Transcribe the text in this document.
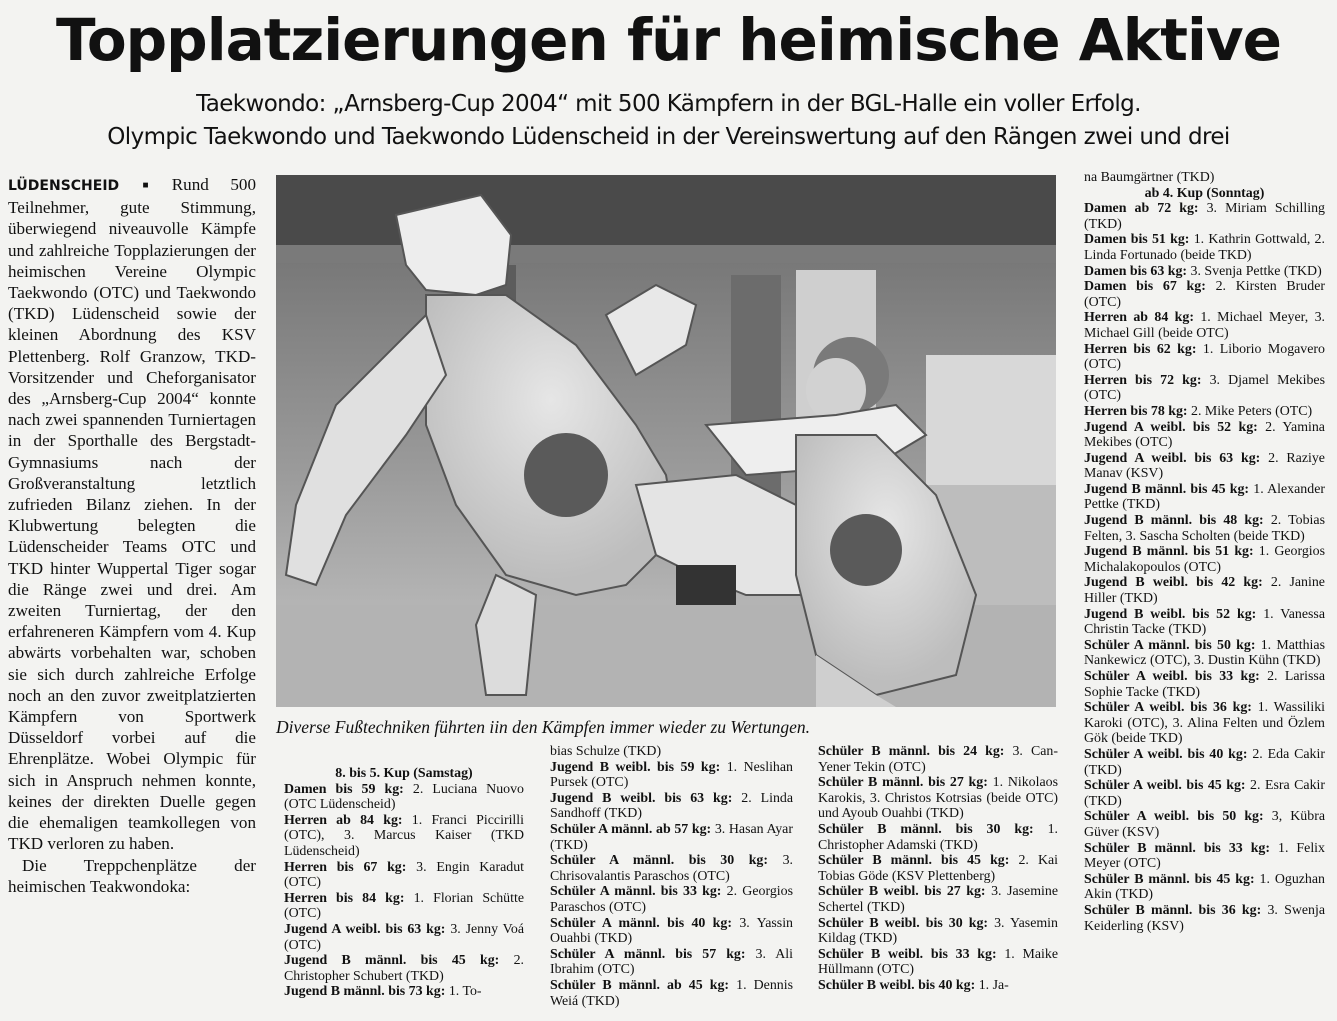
Topplatzierungen für heimische Aktive
Taekwondo: „Arnsberg-Cup 2004“ mit 500 Kämpfern in der BGL-Halle ein voller Erfolg.
Olympic Taekwondo und Taekwondo Lüdenscheid in der Vereinswertung auf den Rängen zwei und drei

LÜDENSCHEID ■ Rund 500 Teilnehmer, gute Stimmung, überwiegend niveauvolle Kämpfe und zahlreiche Topplazierungen der heimischen Vereine Olympic Taekwondo (OTC) und Taekwondo (TKD) Lüdenscheid sowie der kleinen Abordnung des KSV Plettenberg. Rolf Granzow, TKD-Vorsitzender und Cheforganisator des „Arnsberg-Cup 2004“ konnte nach zwei spannenden Turniertagen in der Sporthalle des Bergstadt-Gymnasiums nach der Großveranstaltung letztlich zufrieden Bilanz ziehen. In der Klubwertung belegten die Lüdenscheider Teams OTC und TKD hinter Wuppertal Tiger sogar die Ränge zwei und drei. Am zweiten Turniertag, der den erfahreneren Kämpfern vom 4. Kup abwärts vorbehalten war, schoben sie sich durch zahlreiche Erfolge noch an den zuvor zweitplatzierten Kämpfern von Sportwerk Düsseldorf vorbei auf die Ehrenplätze. Wobei Olympic für sich in Anspruch nehmen konnte, keines der direkten Duelle gegen die ehemaligen teamkollegen von TKD verloren zu haben.

Die Treppchenplätze der heimischen Teakwondoka:

Diverse Fußtechniken führten iin den Kämpfen immer wieder zu Wertungen.

8. bis 5. Kup (Samstag)

Damen bis 59 kg: 2. Luciana Nuovo (OTC Lüdenscheid)

Herren ab 84 kg: 1. Franci Piccirilli (OTC), 3. Marcus Kaiser (TKD Lüdenscheid)

Herren bis 67 kg: 3. Engin Karadut (OTC)

Herren bis 84 kg: 1. Florian Schütte (OTC)

Jugend A weibl. bis 63 kg: 3. Jenny Voá (OTC)

Jugend B männl. bis 45 kg: 2. Christopher Schubert (TKD)

Jugend B männl. bis 73 kg: 1. To-

bias Schulze (TKD)

Jugend B weibl. bis 59 kg: 1. Neslihan Pursek (OTC)

Jugend B weibl. bis 63 kg: 2. Linda Sandhoff (TKD)

Schüler A männl. ab 57 kg: 3. Hasan Ayar (TKD)

Schüler A männl. bis 30 kg: 3. Chrisovalantis Paraschos (OTC)

Schüler A männl. bis 33 kg: 2. Georgios Paraschos (OTC)

Schüler A männl. bis 40 kg: 3. Yassin Ouahbi (TKD)

Schüler A männl. bis 57 kg: 3. Ali Ibrahim (OTC)

Schüler B männl. ab 45 kg: 1. Dennis Weiá (TKD)

Schüler B männl. bis 24 kg: 3. Can-Yener Tekin (OTC)

Schüler B männl. bis 27 kg: 1. Nikolaos Karokis, 3. Christos Kotrsias (beide OTC) und Ayoub Ouahbi (TKD)

Schüler B männl. bis 30 kg: 1. Christopher Adamski (TKD)

Schüler B männl. bis 45 kg: 2. Kai Tobias Göde (KSV Plettenberg)

Schüler B weibl. bis 27 kg: 3. Jasemine Schertel (TKD)

Schüler B weibl. bis 30 kg: 3. Yasemin Kildag (TKD)

Schüler B weibl. bis 33 kg: 1. Maike Hüllmann (OTC)

Schüler B weibl. bis 40 kg: 1. Ja-

na Baumgärtner (TKD)

ab 4. Kup (Sonntag)

Damen ab 72 kg: 3. Miriam Schilling (TKD)

Damen bis 51 kg: 1. Kathrin Gottwald, 2. Linda Fortunado (beide TKD)

Damen bis 63 kg: 3. Svenja Pettke (TKD)

Damen bis 67 kg: 2. Kirsten Bruder (OTC)

Herren ab 84 kg: 1. Michael Meyer, 3. Michael Gill (beide OTC)

Herren bis 62 kg: 1. Liborio Mogavero (OTC)

Herren bis 72 kg: 3. Djamel Mekibes (OTC)

Herren bis 78 kg: 2. Mike Peters (OTC)

Jugend A weibl. bis 52 kg: 2. Yamina Mekibes (OTC)

Jugend A weibl. bis 63 kg: 2. Raziye Manav (KSV)

Jugend B männl. bis 45 kg: 1. Alexander Pettke (TKD)

Jugend B männl. bis 48 kg: 2. Tobias Felten, 3. Sascha Scholten (beide TKD)

Jugend B männl. bis 51 kg: 1. Georgios Michalakopoulos (OTC)

Jugend B weibl. bis 42 kg: 2. Janine Hiller (TKD)

Jugend B weibl. bis 52 kg: 1. Vanessa Christin Tacke (TKD)

Schüler A männl. bis 50 kg: 1. Matthias Nankewicz (OTC), 3. Dustin Kühn (TKD)

Schüler A weibl. bis 33 kg: 2. Larissa Sophie Tacke (TKD)

Schüler A weibl. bis 36 kg: 1. Wassiliki Karoki (OTC), 3. Alina Felten und Özlem Gök (beide TKD)

Schüler A weibl. bis 40 kg: 2. Eda Cakir (TKD)

Schüler A weibl. bis 45 kg: 2. Esra Cakir (TKD)

Schüler A weibl. bis 50 kg: 3, Kübra Güver (KSV)

Schüler B männl. bis 33 kg: 1. Felix Meyer (OTC)

Schüler B männl. bis 45 kg: 1. Oguzhan Akin (TKD)

Schüler B männl. bis 36 kg: 3. Swenja Keiderling (KSV)
